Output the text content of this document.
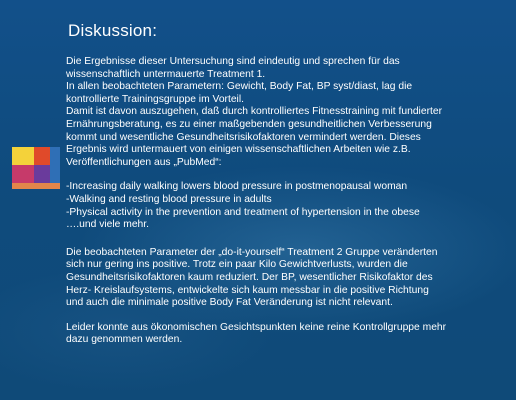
Diskussion:

Die Ergebnisse dieser Untersuchung sind eindeutig und sprechen für das

wissenschaftlich untermauerte Treatment 1.

In allen beobachteten Parametern: Gewicht, Body Fat, BP syst/diast, lag die

kontrollierte Trainingsgruppe im Vorteil.

Damit ist davon auszugehen, daß durch kontrolliertes Fitnesstraining mit fundierter

Ernährungsberatung, es zu einer maßgebenden gesundheitlichen Verbesserung

kommt und wesentliche Gesundheitsrisikofaktoren vermindert werden. Dieses

Ergebnis wird untermauert von einigen wissenschaftlichen Arbeiten wie z.B.

Veröffentlichungen aus „PubMed“:

-Increasing daily walking lowers blood pressure in postmenopausal woman

-Walking and resting blood pressure in adults

-Physical activity in the prevention and treatment of hypertension in the obese

….und viele mehr.

Die beobachteten Parameter der „do-it-yourself“ Treatment 2 Gruppe veränderten

sich nur gering ins positive. Trotz ein paar Kilo Gewichtverlusts, wurden die

Gesundheitsrisikofaktoren kaum reduziert. Der BP, wesentlicher Risikofaktor des

Herz- Kreislaufsystems, entwickelte sich kaum messbar in die positive Richtung

und auch die minimale positive Body Fat Veränderung ist nicht relevant.

Leider konnte aus ökonomischen Gesichtspunkten keine reine Kontrollgruppe mehr

dazu genommen werden.
